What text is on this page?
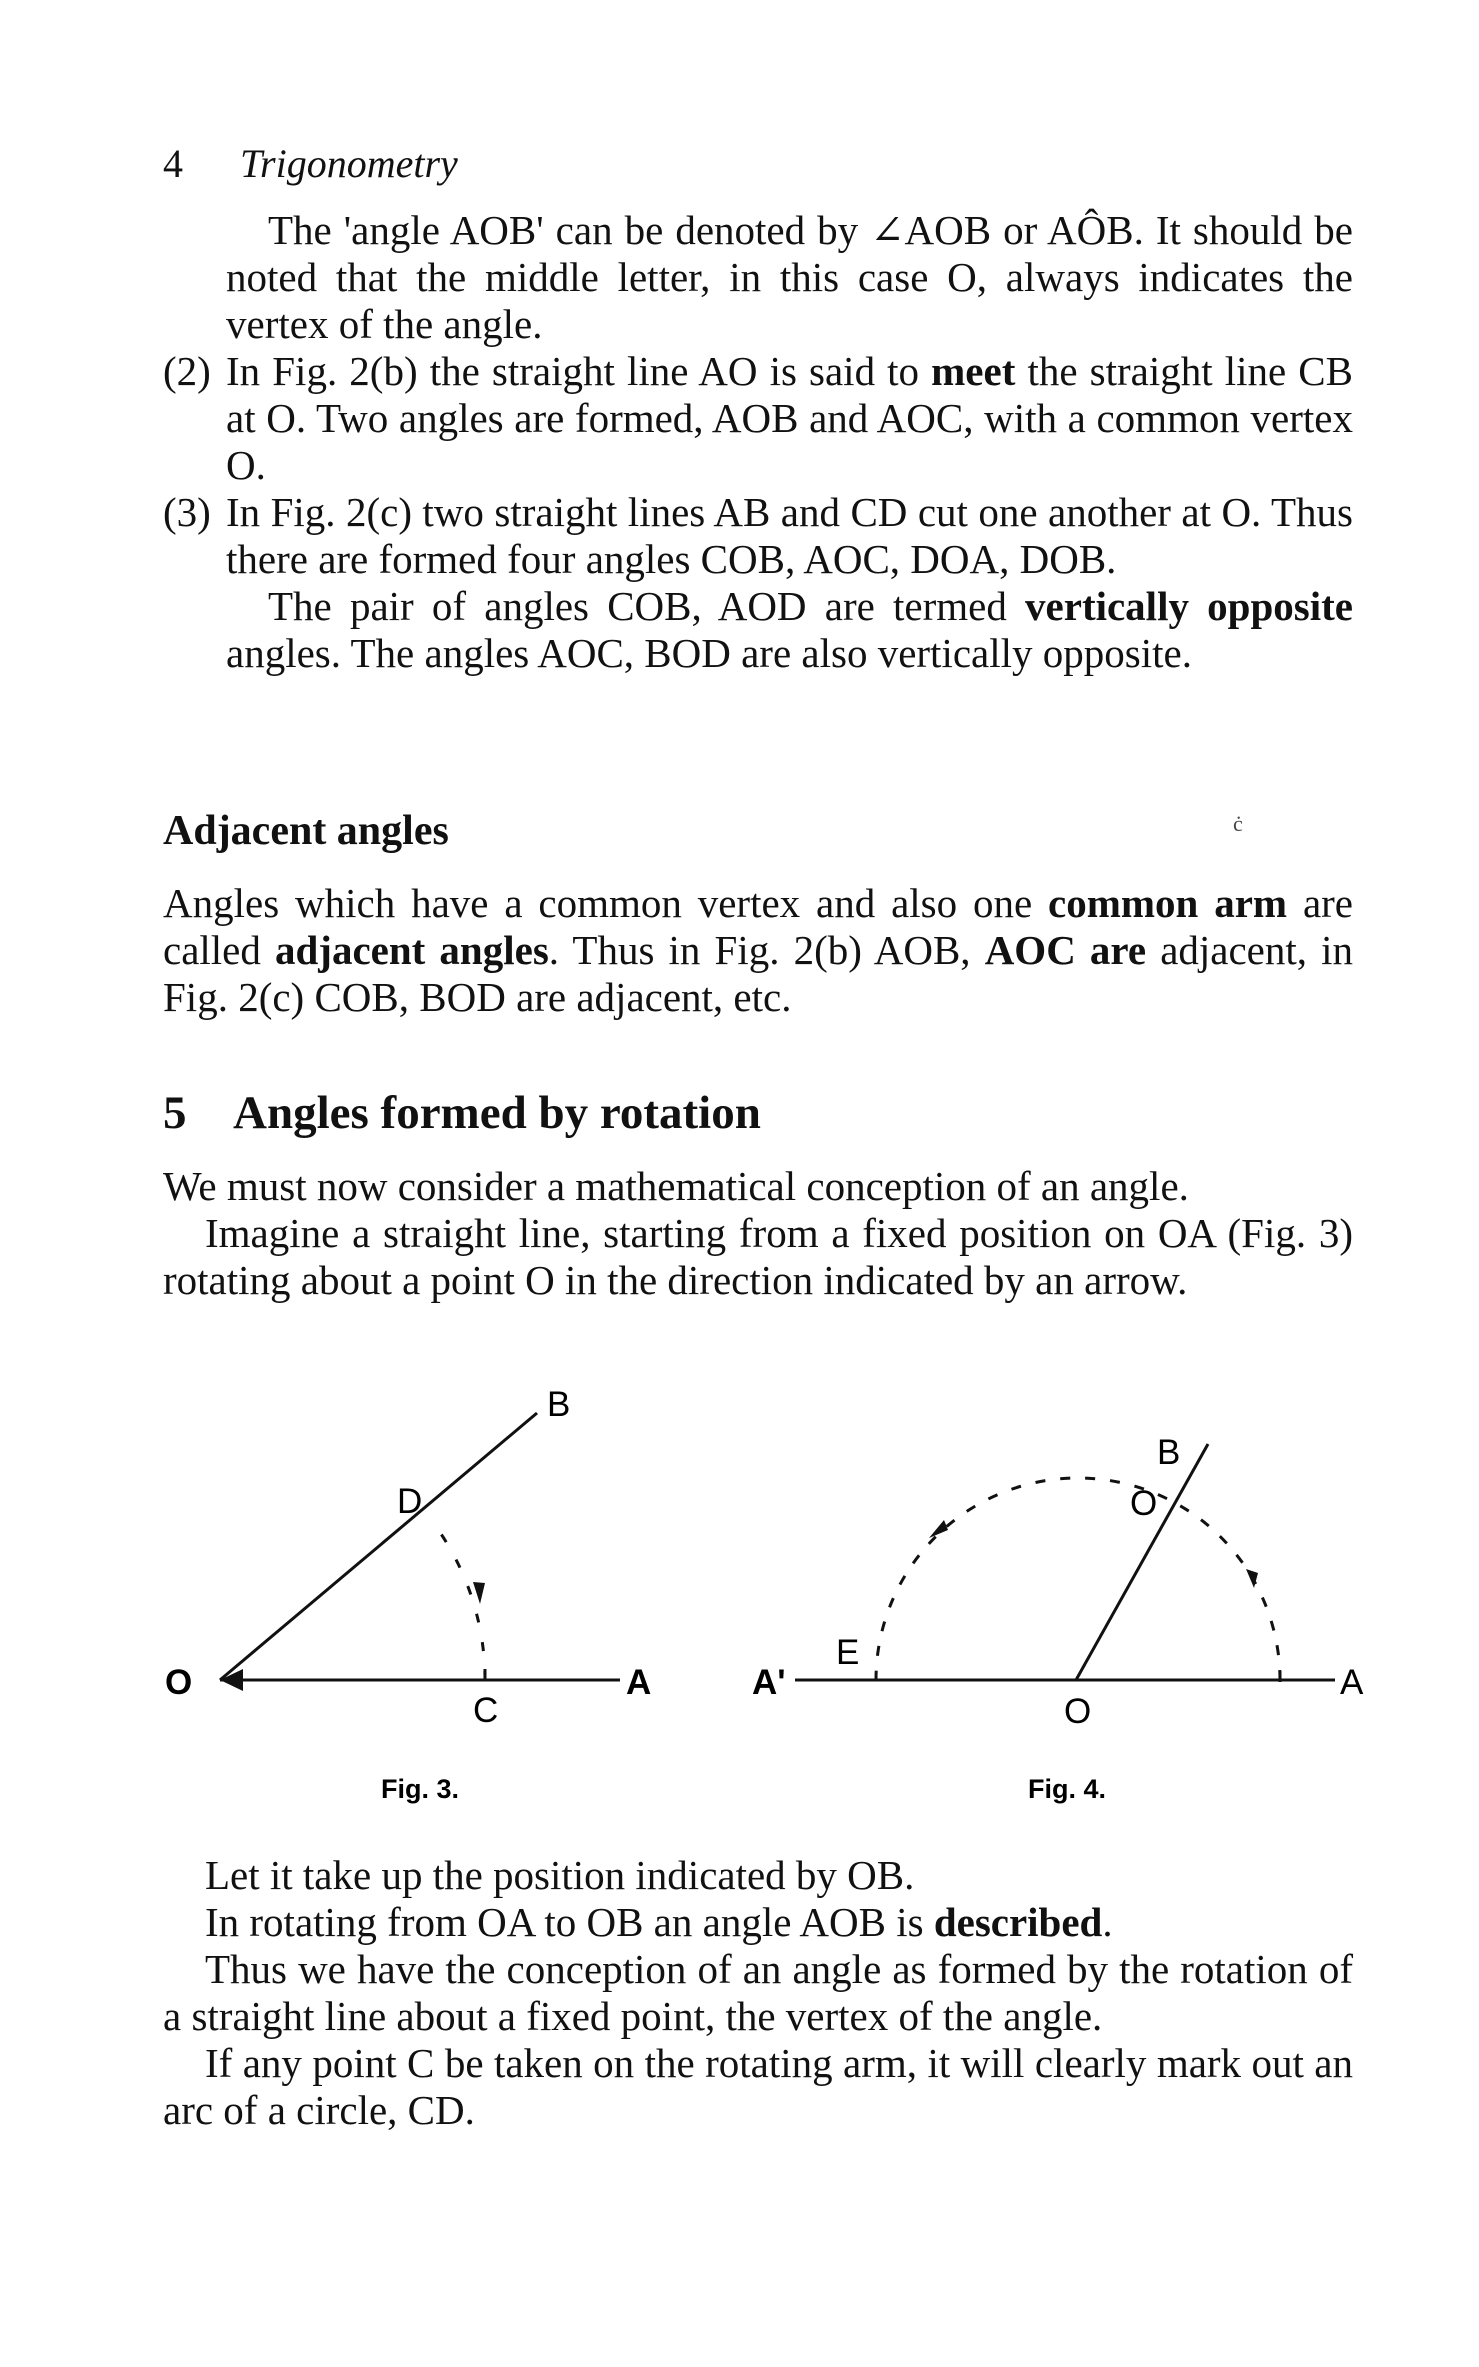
4 Trigonometry

The 'angle AOB' can be denoted by ∠AOB or AÔB. It should be noted that the middle letter, in this case O, always indicates the vertex of the angle.

(2) In Fig. 2(b) the straight line AO is said to meet the straight line CB at O. Two angles are formed, AOB and AOC, with a common vertex O.

(3) In Fig. 2(c) two straight lines AB and CD cut one another at O. Thus there are formed four angles COB, AOC, DOA, DOB.

The pair of angles COB, AOD are termed vertically opposite angles. The angles AOC, BOD are also vertically opposite.

ċ
Adjacent angles

Angles which have a common vertex and also one common arm are called adjacent angles. Thus in Fig. 2(b) AOB, AOC are adjacent, in Fig. 2(c) COB, BOD are adjacent, etc.

5 Angles formed by rotation

We must now consider a mathematical conception of an angle.

Imagine a straight line, starting from a fixed position on OA (Fig. 3) rotating about a point O in the direction indicated by an arrow.

O	A
B
C
D
Fig. 3.
A'	A
O
B
O
E
Fig. 4.

Let it take up the position indicated by OB.

In rotating from OA to OB an angle AOB is described.

Thus we have the conception of an angle as formed by the rotation of a straight line about a fixed point, the vertex of the angle.

If any point C be taken on the rotating arm, it will clearly mark out an arc of a circle, CD.
